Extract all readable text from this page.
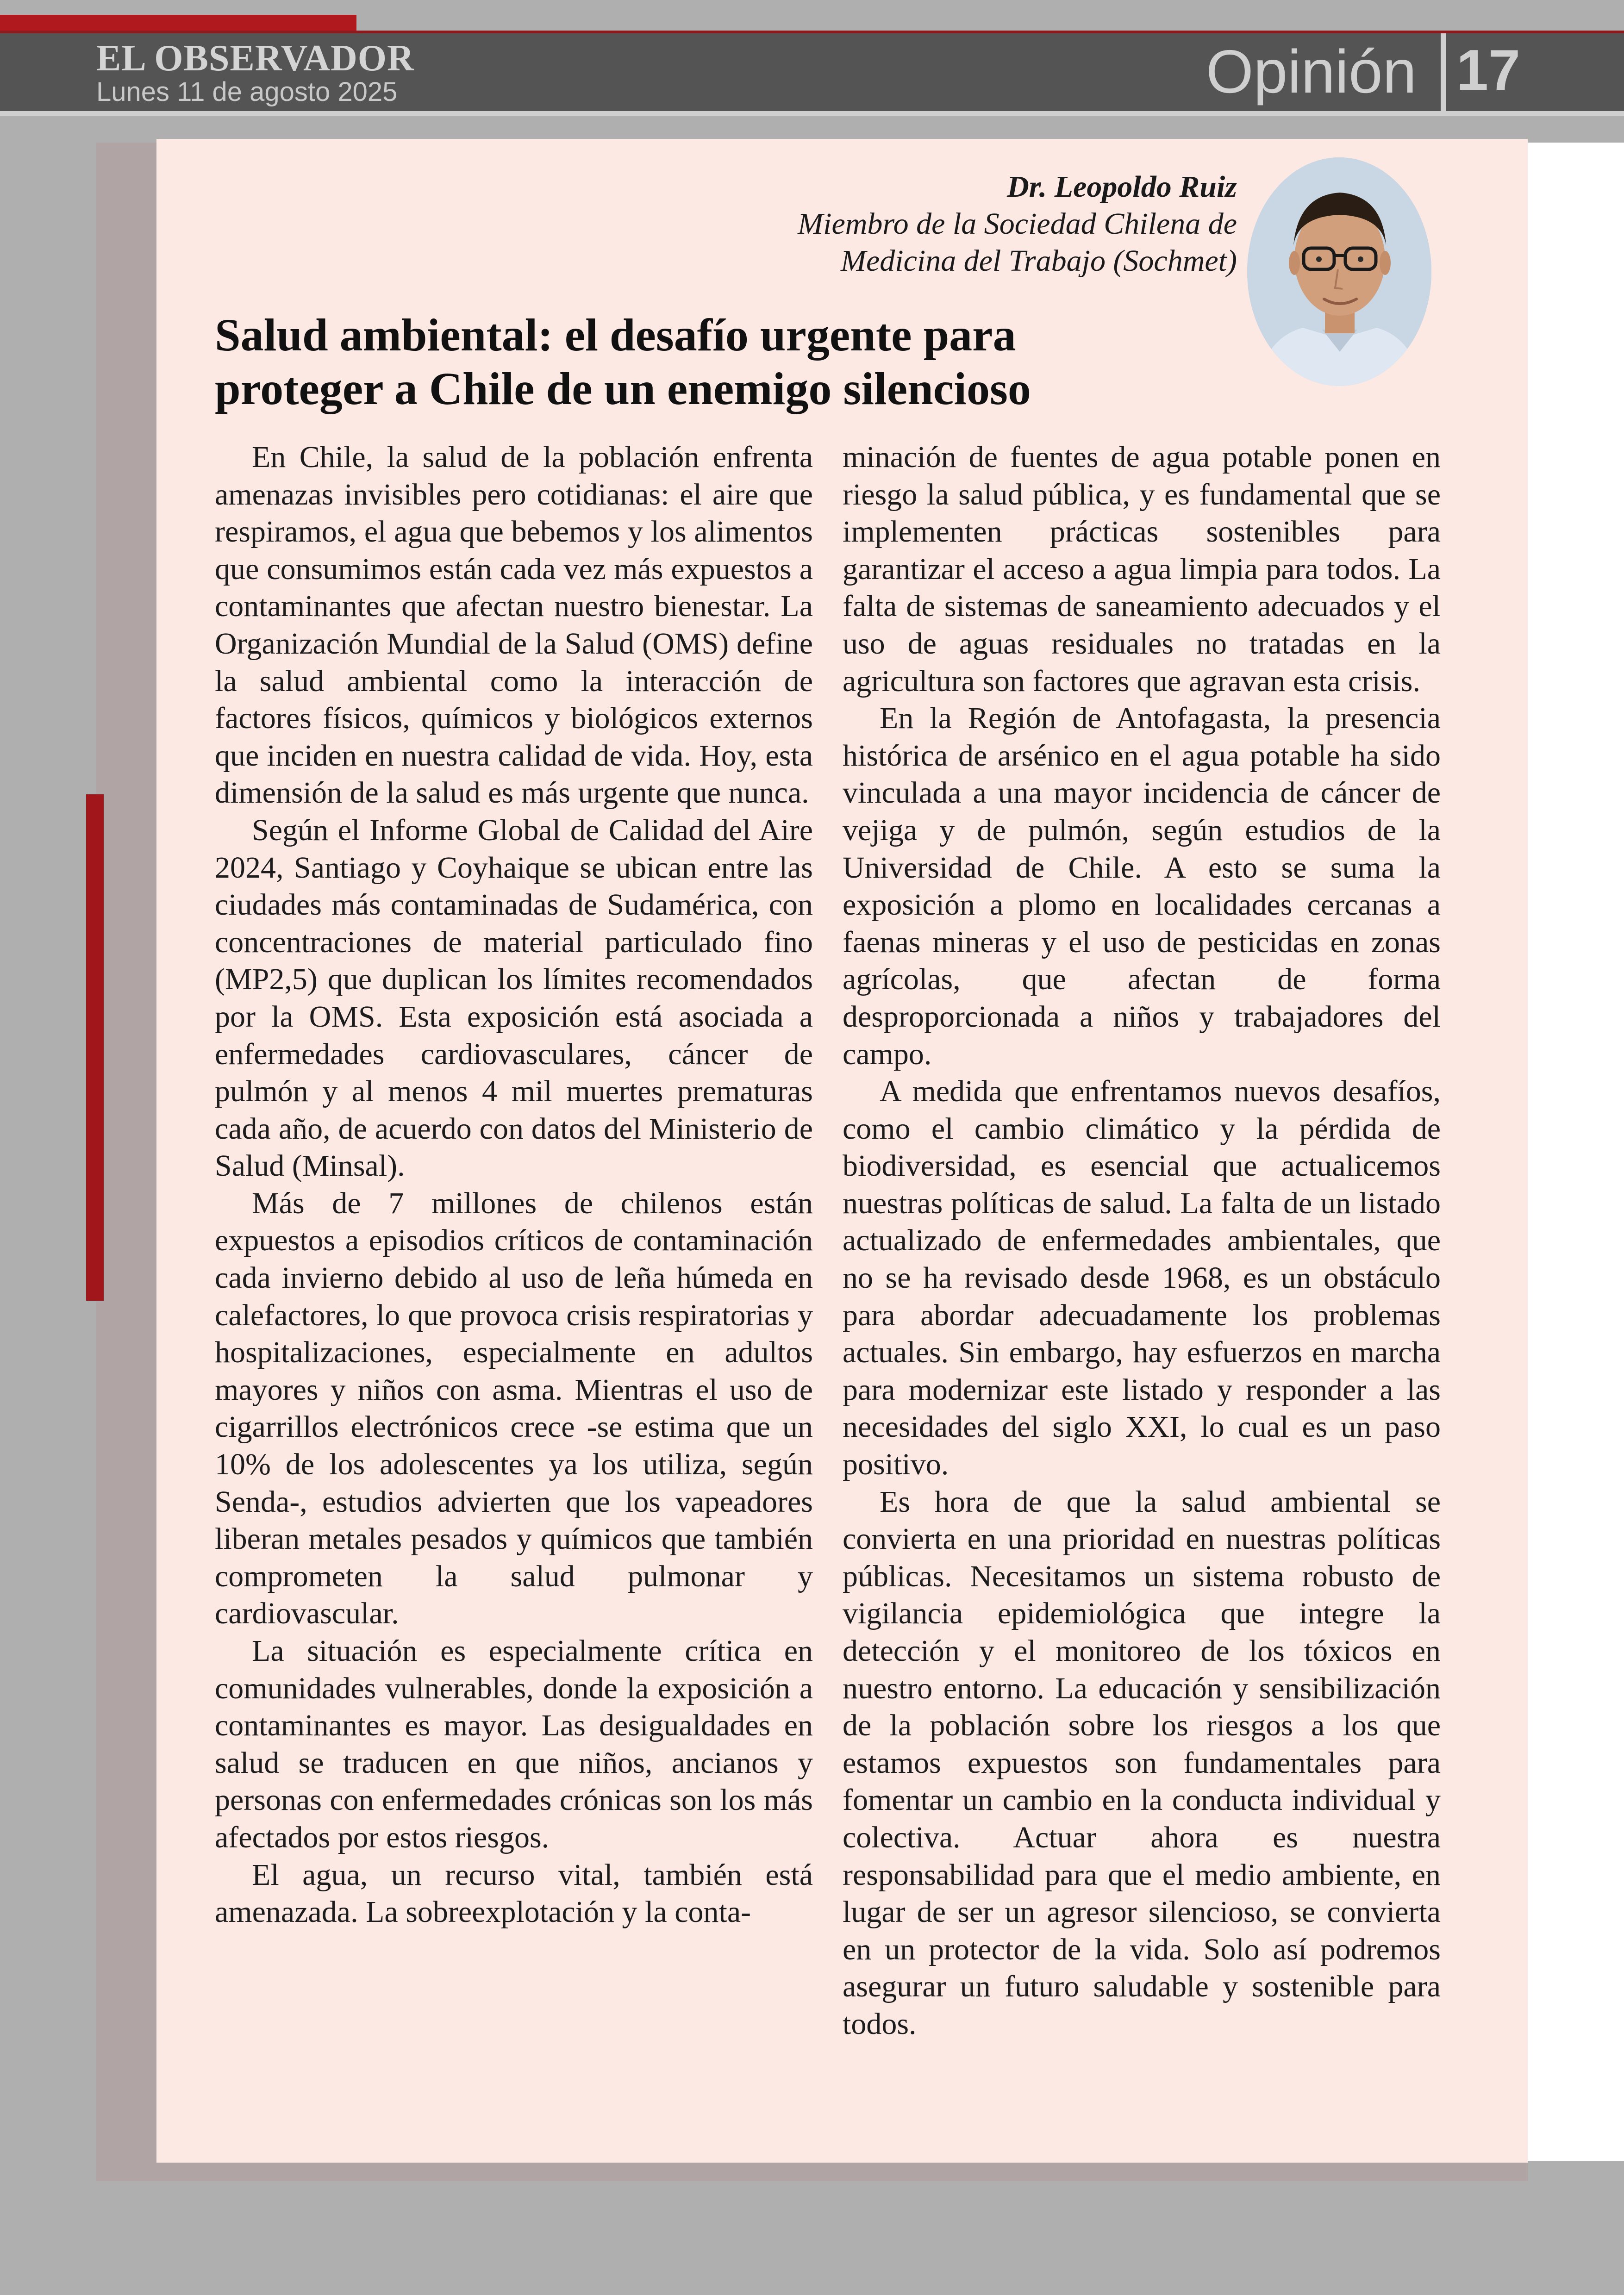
EL OBSERVADOR
Lunes 11 de agosto 2025	Opinión 17
Dr. Leopoldo Ruiz
Miembro de la Sociedad Chilena de
Medicina del Trabajo (Sochmet)
Salud ambiental: el desafío urgente para
proteger a Chile de un enemigo silencioso

En Chile, la salud de la población enfrenta amenazas invisibles pero cotidianas: el aire que respiramos, el agua que bebemos y los alimentos que consumimos están cada vez más expuestos a contaminantes que afectan nuestro bienestar. La Organización Mundial de la Salud (OMS) define la salud ambiental como la interacción de factores físicos, químicos y biológicos externos que inciden en nuestra calidad de vida. Hoy, esta dimensión de la salud es más urgente que nunca.

Según el Informe Global de Calidad del Aire 2024, Santiago y Coyhaique se ubican entre las ciudades más contaminadas de Sudamérica, con concentraciones de material particulado fino (MP2,5) que duplican los límites recomendados por la OMS. Esta exposición está asociada a enfermedades cardiovasculares, cáncer de pulmón y al menos 4 mil muertes prematuras cada año, de acuerdo con datos del Ministerio de Salud (Minsal).

Más de 7 millones de chilenos están expuestos a episodios críticos de contaminación cada invierno debido al uso de leña húmeda en calefactores, lo que provoca crisis respiratorias y hospitalizaciones, especialmente en adultos mayores y niños con asma. Mientras el uso de cigarrillos electrónicos crece -se estima que un 10% de los adolescentes ya los utiliza, según Senda-, estudios advierten que los vapeadores liberan metales pesados y químicos que también comprometen la salud pulmonar y cardiovascular.

La situación es especialmente crítica en comunidades vulnerables, donde la exposición a contaminantes es mayor. Las desigualdades en salud se traducen en que niños, ancianos y personas con enfermedades crónicas son los más afectados por estos riesgos.

El agua, un recurso vital, también está amenazada. La sobreexplotación y la conta-

minación de fuentes de agua potable ponen en riesgo la salud pública, y es fundamental que se implementen prácticas sostenibles para garantizar el acceso a agua limpia para todos. La falta de sistemas de saneamiento adecuados y el uso de aguas residuales no tratadas en la agricultura son factores que agravan esta crisis.

En la Región de Antofagasta, la presencia histórica de arsénico en el agua potable ha sido vinculada a una mayor incidencia de cáncer de vejiga y de pulmón, según estudios de la Universidad de Chile. A esto se suma la exposición a plomo en localidades cercanas a faenas mineras y el uso de pesticidas en zonas agrícolas, que afectan de forma desproporcionada a niños y trabajadores del campo.

A medida que enfrentamos nuevos desafíos, como el cambio climático y la pérdida de biodiversidad, es esencial que actualicemos nuestras políticas de salud. La falta de un listado actualizado de enfermedades ambientales, que no se ha revisado desde 1968, es un obstáculo para abordar adecuadamente los problemas actuales. Sin embargo, hay esfuerzos en marcha para modernizar este listado y responder a las necesidades del siglo XXI, lo cual es un paso positivo.

Es hora de que la salud ambiental se convierta en una prioridad en nuestras políticas públicas. Necesitamos un sistema robusto de vigilancia epidemiológica que integre la detección y el monitoreo de los tóxicos en nuestro entorno. La educación y sensibilización de la población sobre los riesgos a los que estamos expuestos son fundamentales para fomentar un cambio en la conducta individual y colectiva. Actuar ahora es nuestra responsabilidad para que el medio ambiente, en lugar de ser un agresor silencioso, se convierta en un protector de la vida. Solo así podremos asegurar un futuro saludable y sostenible para todos.
